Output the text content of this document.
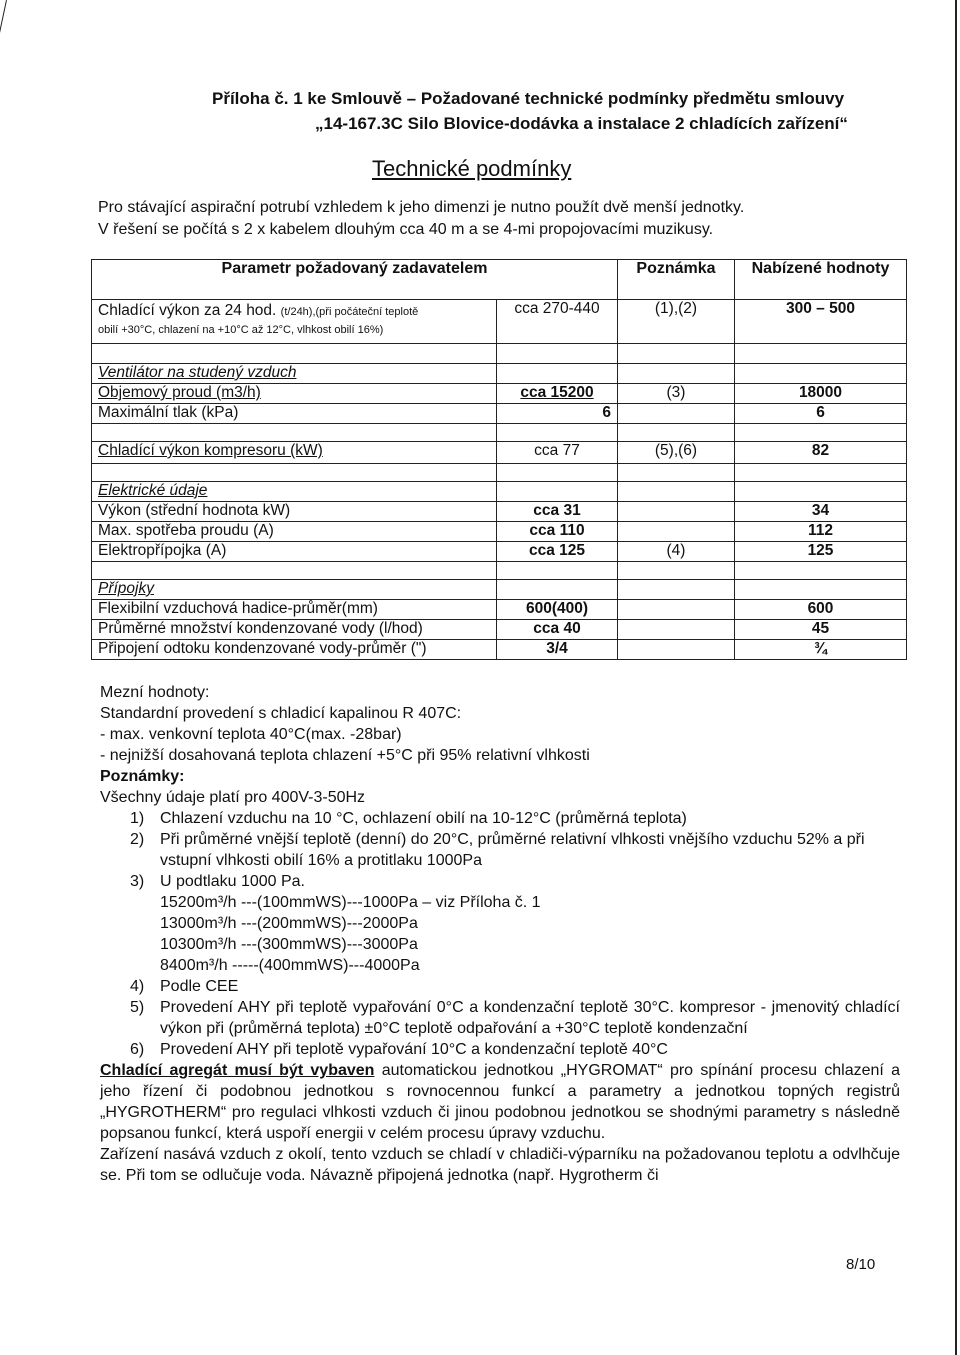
Příloha č. 1 ke Smlouvě – Požadované technické podmínky předmětu smlouvy
„14-167.3C Silo Blovice-dodávka a instalace 2 chladících zařízení“
Technické podmínky
Pro stávající aspirační potrubí vzhledem k jeho dimenzi je nutno použít dvě menší jednotky.
V řešení se počítá s 2 x kabelem dlouhým cca 40 m a se 4-mi propojovacími muzikusy.
Parametr požadovaný zadavatelem		Poznámka	Nabízené hodnoty
Chladící výkon za 24 hod. (t/24h),(při počáteční teplotě
obilí +30°C, chlazení na +10°C až 12°C, vlhkost obilí 16%)	cca 270-440	(1),(2)	300 – 500

Ventilátor na studený vzduch			
Objemový proud (m3/h)	cca 15200	(3)	18000
Maximální tlak (kPa)	6		6

Chladící výkon kompresoru (kW)	cca 77	(5),(6)	82

Elektrické údaje			
Výkon (střední hodnota kW)	cca 31		34
Max. spotřeba proudu (A)	cca 110		112
Elektropřípojka (A)	cca 125	(4)	125

Přípojky			
Flexibilní vzduchová hadice-průměr(mm)	600(400)		600
Průměrné množství kondenzované vody (l/hod)	cca 40		45
Připojení odtoku kondenzované vody-průměr (")	3/4		¾

Mezní hodnoty:

Standardní provedení s chladicí kapalinou R 407C:

- max. venkovní teplota 40°C(max. -28bar)

- nejnižší dosahovaná teplota chlazení +5°C při 95% relativní vlhkosti

Poznámky:

Všechny údaje platí pro 400V-3-50Hz

1) Chlazení vzduchu na 10 °C, ochlazení obilí na 10-12°C (průměrná teplota)
2) Při průměrné vnější teplotě (denní) do 20°C, průměrné relativní vlhkosti vnějšího vzduchu 52% a při vstupní vlhkosti obilí 16% a protitlaku 1000Pa
3) U podtlaku 1000 Pa.
15200m³/h ---(100mmWS)---1000Pa – viz Příloha č. 1
13000m³/h ---(200mmWS)---2000Pa
10300m³/h ---(300mmWS)---3000Pa
8400m³/h -----(400mmWS)---4000Pa
4) Podle CEE
5) Provedení AHY při teplotě vypařování 0°C a kondenzační teplotě 30°C. kompresor - jmenovitý chladící výkon při (průměrná teplota) ±0°C teplotě odpařování a +30°C teplotě kondenzační
6) Provedení AHY při teplotě vypařování 10°C a kondenzační teplotě 40°C

Chladící agregát musí být vybaven automatickou jednotkou „HYGROMAT“ pro spínání procesu chlazení a jeho řízení či podobnou jednotkou s rovnocennou funkcí a parametry a jednotkou topných registrů „HYGROTHERM“ pro regulaci vlhkosti vzduch či jinou podobnou jednotkou se shodnými parametry s následně popsanou funkcí, která uspoří energii v celém procesu úpravy vzduchu.

Zařízení nasává vzduch z okolí, tento vzduch se chladí v chladiči-výparníku na požadovanou teplotu a odvlhčuje se. Při tom se odlučuje voda. Návazně připojená jednotka (např. Hygrotherm či

8/10
